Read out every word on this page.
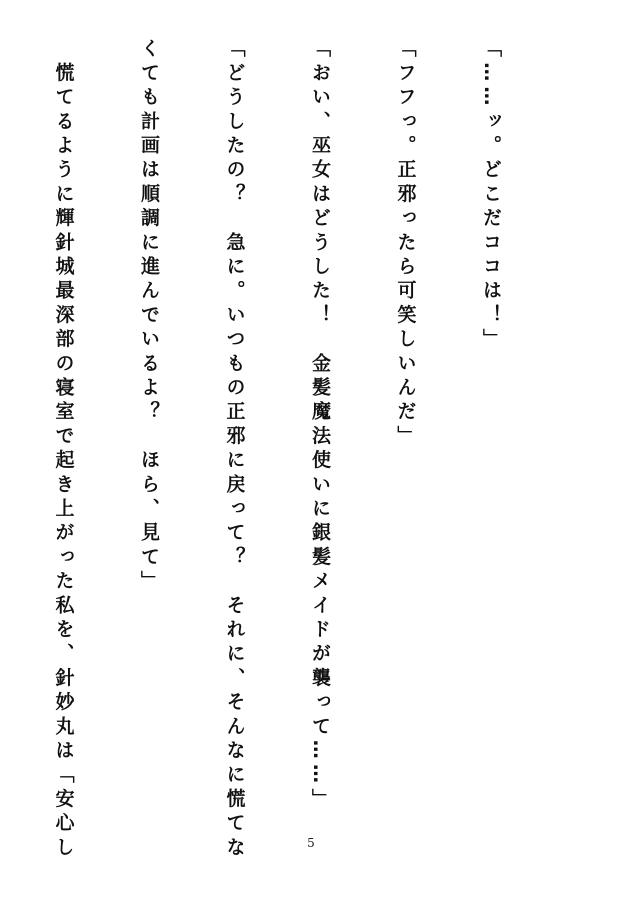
「……ッ。どこだココは！」

「フフっ。正邪ったら可笑しいんだ」

「おい、巫女はどうした！　金髪魔法使いに銀髪メイドが襲って……」

「どうしたの？　急に。いつもの正邪に戻って？　それに、そんなに慌てな

くても計画は順調に進んでいるよ？　ほら、見て」

　慌てるように輝針城最深部の寝室で起き上がった私を、針妙丸は「安心し

	5
